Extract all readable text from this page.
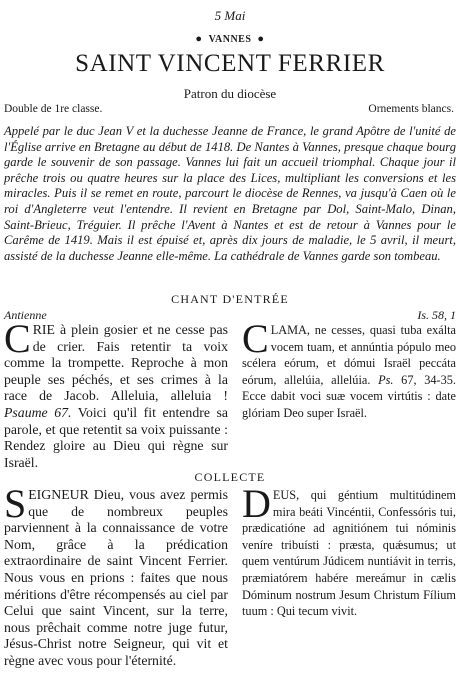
5 Mai
● VANNES ●
SAINT VINCENT FERRIER
Patron du diocèse
Double de 1re classe.	Ornements blancs.
Appelé par le duc Jean V et la duchesse Jeanne de France, le grand Apôtre de l'unité de l'Église arrive en Bretagne au début de 1418. De Nantes à Vannes, presque chaque bourg garde le souvenir de son passage. Vannes lui fait un accueil triomphal. Chaque jour il prêche trois ou quatre heures sur la place des Lices, multipliant les conversions et les miracles. Puis il se remet en route, parcourt le diocèse de Rennes, va jusqu'à Caen où le roi d'Angleterre veut l'entendre. Il revient en Bretagne par Dol, Saint-Malo, Dinan, Saint-Brieuc, Tréguier. Il prêche l'Avent à Nantes et est de retour à Vannes pour le Carême de 1419. Mais il est épuisé et, après dix jours de maladie, le 5 avril, il meurt, assisté de la duchesse Jeanne elle-même. La cathédrale de Vannes garde son tombeau.
CHANT D'ENTRÉE
Antienne	Is. 58, 1
CRIE à plein gosier et ne cesse pas de crier. Fais retentir ta voix comme la trompette. Reproche à mon peuple ses péchés, et ses crimes à la race de Jacob. Alleluia, alleluia ! Psaume 67. Voici qu'il fit entendre sa parole, et que retentit sa voix puissante : Rendez gloire au Dieu qui règne sur Israël.
CLAMA, ne cesses, quasi tuba exálta vocem tuam, et annúntia pópulo meo scélera eórum, et dómui Israël peccáta eórum, allelúia, allelúia. Ps. 67, 34-35. Ecce dabit voci suæ vocem virtútis : date glóriam Deo super Israël.
COLLECTE
SEIGNEUR Dieu, vous avez permis que de nombreux peuples parviennent à la connaissance de votre Nom, grâce à la prédication extraordinaire de saint Vincent Ferrier. Nous vous en prions : faites que nous méritions d'être récompensés au ciel par Celui que saint Vincent, sur la terre, nous prêchait comme notre juge futur, Jésus-Christ notre Seigneur, qui vit et règne avec vous pour l'éternité.
DEUS, qui géntium multitúdinem mira beáti Vincéntii, Confessóris tui, prædicatióne ad agnitiónem tui nóminis veníre tribuísti : præsta, quǽsumus; ut quem ventúrum Júdicem nuntiávit in terris, præmiatórem habére mereámur in cælis Dóminum nostrum Jesum Christum Fílium tuum : Qui tecum vivit.
